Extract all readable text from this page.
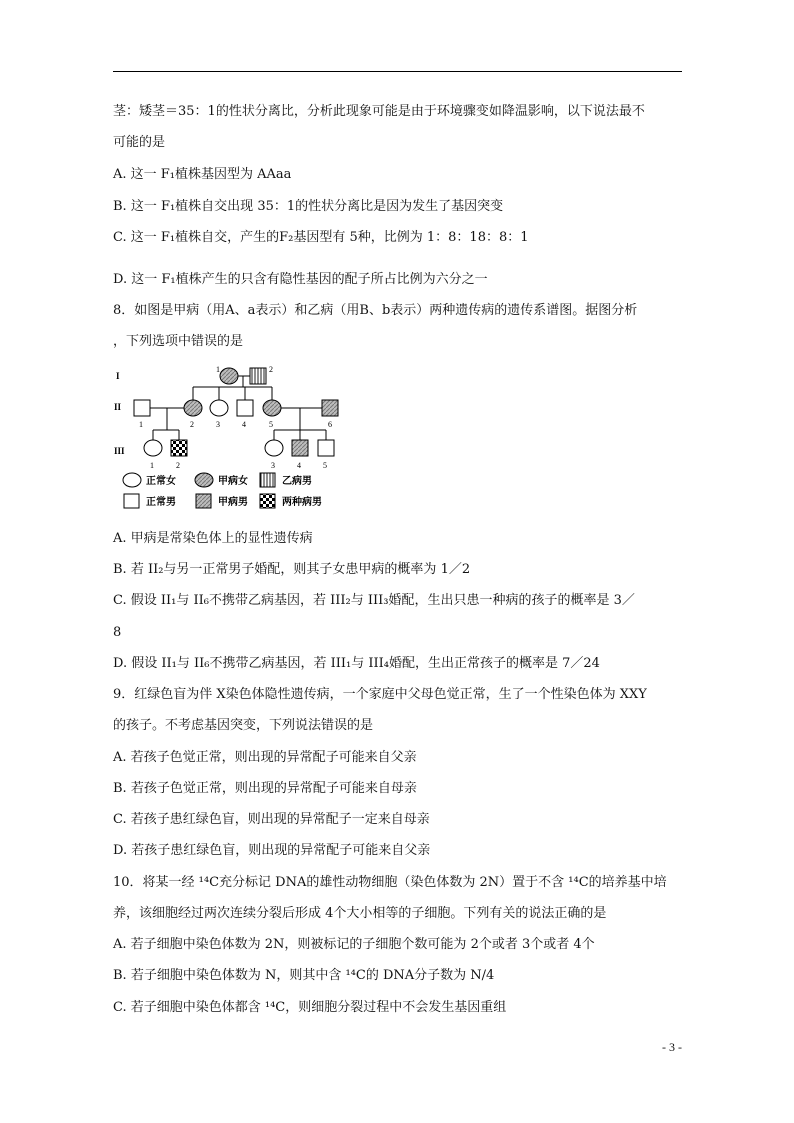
茎：矮茎＝35：1的性状分离比，分析此现象可能是由于环境骤变如降温影响，以下说法最不
可能的是
A. 这一 F₁植株基因型为 AAaa
B. 这一 F₁植株自交出现 35：1的性状分离比是因为发生了基因突变
C. 这一 F₁植株自交，产生的F₂基因型有 5种，比例为 1：8：18：8：1
D. 这一 F₁植株产生的只含有隐性基因的配子所占比例为六分之一
8．如图是甲病（用A、a表示）和乙病（用B、b表示）两种遗传病的遗传系谱图。据图分析
，下列选项中错误的是
I
II
III
1	2
1	2	3	4	5	6
1	2	3	4	5
正常女	甲病女	乙病男
正常男	甲病男	两种病男
A. 甲病是常染色体上的显性遗传病
B. 若 II₂与另一正常男子婚配，则其子女患甲病的概率为 1／2
C. 假设 II₁与 II₆不携带乙病基因，若 III₂与 III₃婚配，生出只患一种病的孩子的概率是 3／
8
D. 假设 II₁与 II₆不携带乙病基因，若 III₁与 III₄婚配，生出正常孩子的概率是 7／24
9．红绿色盲为伴 X染色体隐性遗传病，一个家庭中父母色觉正常，生了一个性染色体为 XXY
的孩子。不考虑基因突变，下列说法错误的是
A. 若孩子色觉正常，则出现的异常配子可能来自父亲
B. 若孩子色觉正常，则出现的异常配子可能来自母亲
C. 若孩子患红绿色盲，则出现的异常配子一定来自母亲
D. 若孩子患红绿色盲，则出现的异常配子可能来自父亲
10．将某一经 ¹⁴C充分标记 DNA的雄性动物细胞（染色体数为 2N）置于不含 ¹⁴C的培养基中培
养，该细胞经过两次连续分裂后形成 4个大小相等的子细胞。下列有关的说法正确的是
A. 若子细胞中染色体数为 2N，则被标记的子细胞个数可能为 2个或者 3个或者 4个
B. 若子细胞中染色体数为 N，则其中含 ¹⁴C的 DNA分子数为 N/4
C. 若子细胞中染色体都含 ¹⁴C，则细胞分裂过程中不会发生基因重组
- 3 -
